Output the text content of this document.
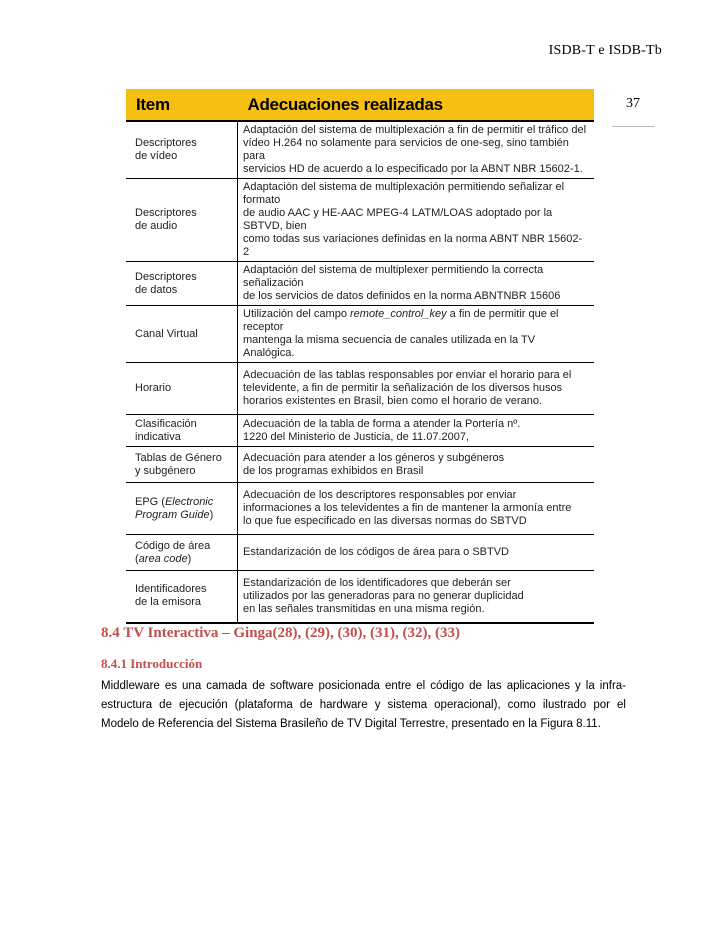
ISDB-T e ISDB-Tb
37
Item	Adecuaciones realizadas

Descriptores
de vídeo	Adaptación del sistema de multiplexación a fin de permitir el tráfico del
vídeo H.264 no solamente para servicios de one-seg, sino también para
servicios HD de acuerdo a lo especificado por la ABNT NBR 15602-1.

Descriptores
de audio	Adaptación del sistema de multiplexación permitiendo señalizar el formato
de audio AAC y HE-AAC MPEG-4 LATM/LOAS adoptado por la SBTVD, bien
como todas sus variaciones definidas en la norma ABNT NBR 15602-2

Descriptores
de datos	Adaptación del sistema de multiplexer permitiendo la correcta señalización
de los servicios de datos definidos en la norma ABNTNBR 15606

Canal Virtual	Utilización del campo remote_control_key a fin de permitir que el receptor
mantenga la misma secuencia de canales utilizada en la TV Analógica.

Horario	Adecuación de las tablas responsables por enviar el horario para el
televidente, a fin de permitir la señalización de los diversos husos
horarios existentes en Brasil, bien como el horario de verano.

Clasificación
indicativa	Adecuación de la tabla de forma a atender la Portería nº.
1220 del Ministerio de Justicia, de 11.07.2007,

Tablas de Género
y subgénero	Adecuación para atender a los géneros y subgéneros
de los programas exhibidos en Brasil

EPG (Electronic
Program Guide)	Adecuación de los descriptores responsables por enviar
informaciones a los televidentes a fin de mantener la armonía entre
lo que fue especificado en las diversas normas do SBTVD

Código de área
(area code)	Estandarización de los códigos de área para o SBTVD

Identificadores
de la emisora	Estandarización de los identificadores que deberán ser
utilizados por las generadoras para no generar duplicidad
en las señales transmitidas en una misma región.
8.4 TV Interactiva – Ginga(28), (29), (30), (31), (32), (33)
8.4.1 Introducción

Middleware es una camada de software posicionada entre el código de las aplicaciones y la infra-
estructura de ejecución (plataforma de hardware y sistema operacional), como ilustrado por el
Modelo de Referencia del Sistema Brasileño de TV Digital Terrestre, presentado en la Figura 8.11.
